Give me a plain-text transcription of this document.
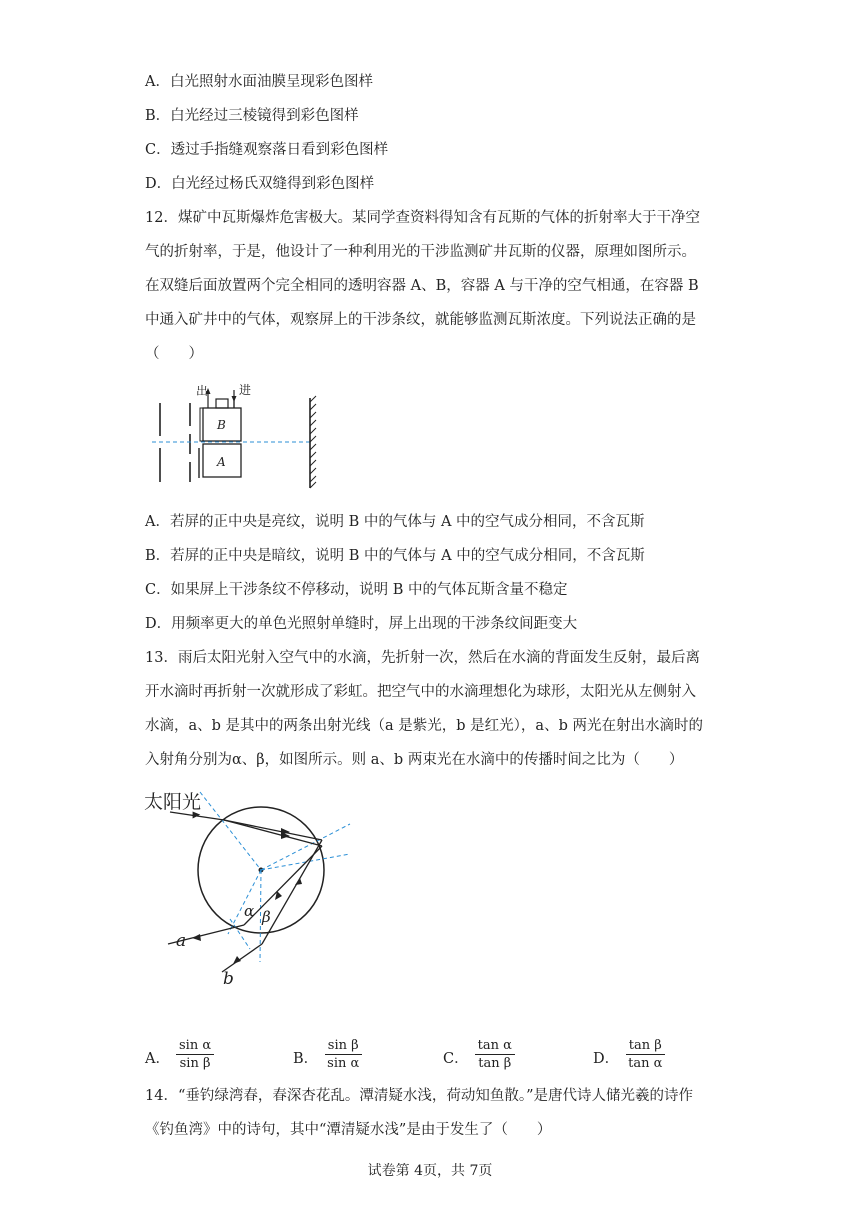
A．白光照射水面油膜呈现彩色图样
B．白光经过三棱镜得到彩色图样
C．透过手指缝观察落日看到彩色图样
D．白光经过杨氏双缝得到彩色图样
12．煤矿中瓦斯爆炸危害极大。某同学查资料得知含有瓦斯的气体的折射率大于干净空
气的折射率，于是，他设计了一种利用光的干涉监测矿井瓦斯的仪器，原理如图所示。
在双缝后面放置两个完全相同的透明容器 A、B，容器 A 与干净的空气相通，在容器 B
中通入矿井中的气体，观察屏上的干涉条纹，就能够监测瓦斯浓度。下列说法正确的是
（　　）
出	进
B
A
A．若屏的正中央是亮纹，说明 B 中的气体与 A 中的空气成分相同，不含瓦斯
B．若屏的正中央是暗纹，说明 B 中的气体与 A 中的空气成分相同，不含瓦斯
C．如果屏上干涉条纹不停移动，说明 B 中的气体瓦斯含量不稳定
D．用频率更大的单色光照射单缝时，屏上出现的干涉条纹间距变大
13．雨后太阳光射入空气中的水滴，先折射一次，然后在水滴的背面发生反射，最后离
开水滴时再折射一次就形成了彩虹。把空气中的水滴理想化为球形，太阳光从左侧射入
水滴，a、b 是其中的两条出射光线（a 是紫光，b 是红光），a、b 两光在射出水滴时的
入射角分别为α、β，如图所示。则 a、b 两束光在水滴中的传播时间之比为（　　）
太阳光
α β
a
b
A． $\frac{\text{sin α}}{\text{sin β}}$	B． $\frac{\text{sin β}}{\text{sin α}}$	C． $\frac{\text{tan α}}{\text{tan β}}$	D． $\frac{\text{tan β}}{\text{tan α}}$
14．“垂钓绿湾春，春深杏花乱。潭清疑水浅，荷动知鱼散。”是唐代诗人储光羲的诗作
《钓鱼湾》中的诗句，其中“潭清疑水浅”是由于发生了（　　）
试卷第 4页，共 7页
